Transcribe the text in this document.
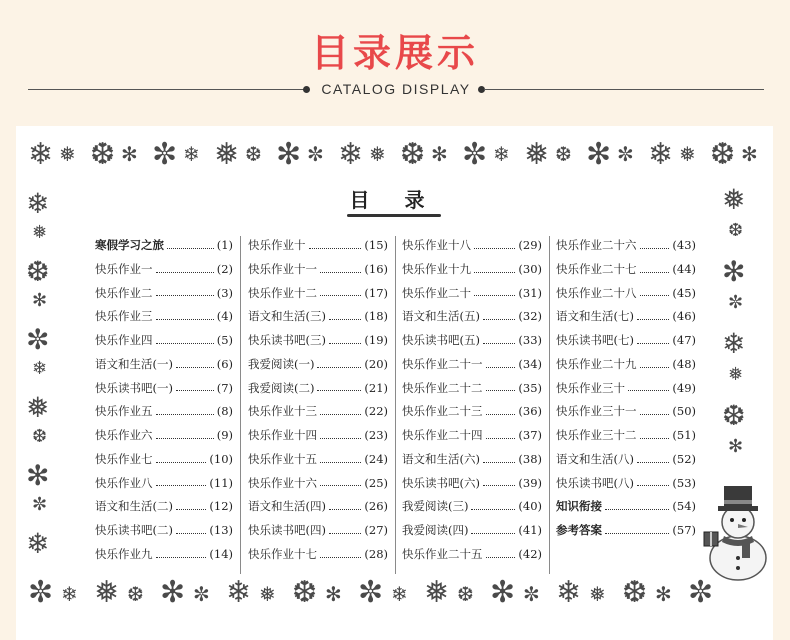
目录展示
CATALOG DISPLAY
❄ ❅ ❆ ✻ ✼ ❄ ❅ ❆ ✻ ✼ ❄ ❅ ❆ ✻ ✼ ❄ ❅ ❆ ✻ ✼ ❄ ❅ ❆ ✻
✼ ❄ ❅ ❆ ✻ ✼ ❄ ❅ ❆ ✻ ✼ ❄ ❅ ❆ ✻ ✼ ❄ ❅ ❆ ✻ ✼
❄
❅
❆
✻
✼
❄
❅
❆
✻
✼
❄
❅
❆
✻
✼
❄
❅
❆
✻
目 录
寒假学习之旅	(1)
快乐作业一	(2)
快乐作业二	(3)
快乐作业三	(4)
快乐作业四	(5)
语文和生活(一)	(6)
快乐读书吧(一)	(7)
快乐作业五	(8)
快乐作业六	(9)
快乐作业七	(10)
快乐作业八	(11)
语文和生活(二)	(12)
快乐读书吧(二)	(13)
快乐作业九	(14)
快乐作业十	(15)
快乐作业十一	(16)
快乐作业十二	(17)
语文和生活(三)	(18)
快乐读书吧(三)	(19)
我爱阅读(一)	(20)
我爱阅读(二)	(21)
快乐作业十三	(22)
快乐作业十四	(23)
快乐作业十五	(24)
快乐作业十六	(25)
语文和生活(四)	(26)
快乐读书吧(四)	(27)
快乐作业十七	(28)
快乐作业十八	(29)
快乐作业十九	(30)
快乐作业二十	(31)
语文和生活(五)	(32)
快乐读书吧(五)	(33)
快乐作业二十一	(34)
快乐作业二十二	(35)
快乐作业二十三	(36)
快乐作业二十四	(37)
语文和生活(六)	(38)
快乐读书吧(六)	(39)
我爱阅读(三)	(40)
我爱阅读(四)	(41)
快乐作业二十五	(42)
快乐作业二十六	(43)
快乐作业二十七	(44)
快乐作业二十八	(45)
语文和生活(七)	(46)
快乐读书吧(七)	(47)
快乐作业二十九	(48)
快乐作业三十	(49)
快乐作业三十一	(50)
快乐作业三十二	(51)
语文和生活(八)	(52)
快乐读书吧(八)	(53)
知识衔接	(54)
参考答案	(57)
